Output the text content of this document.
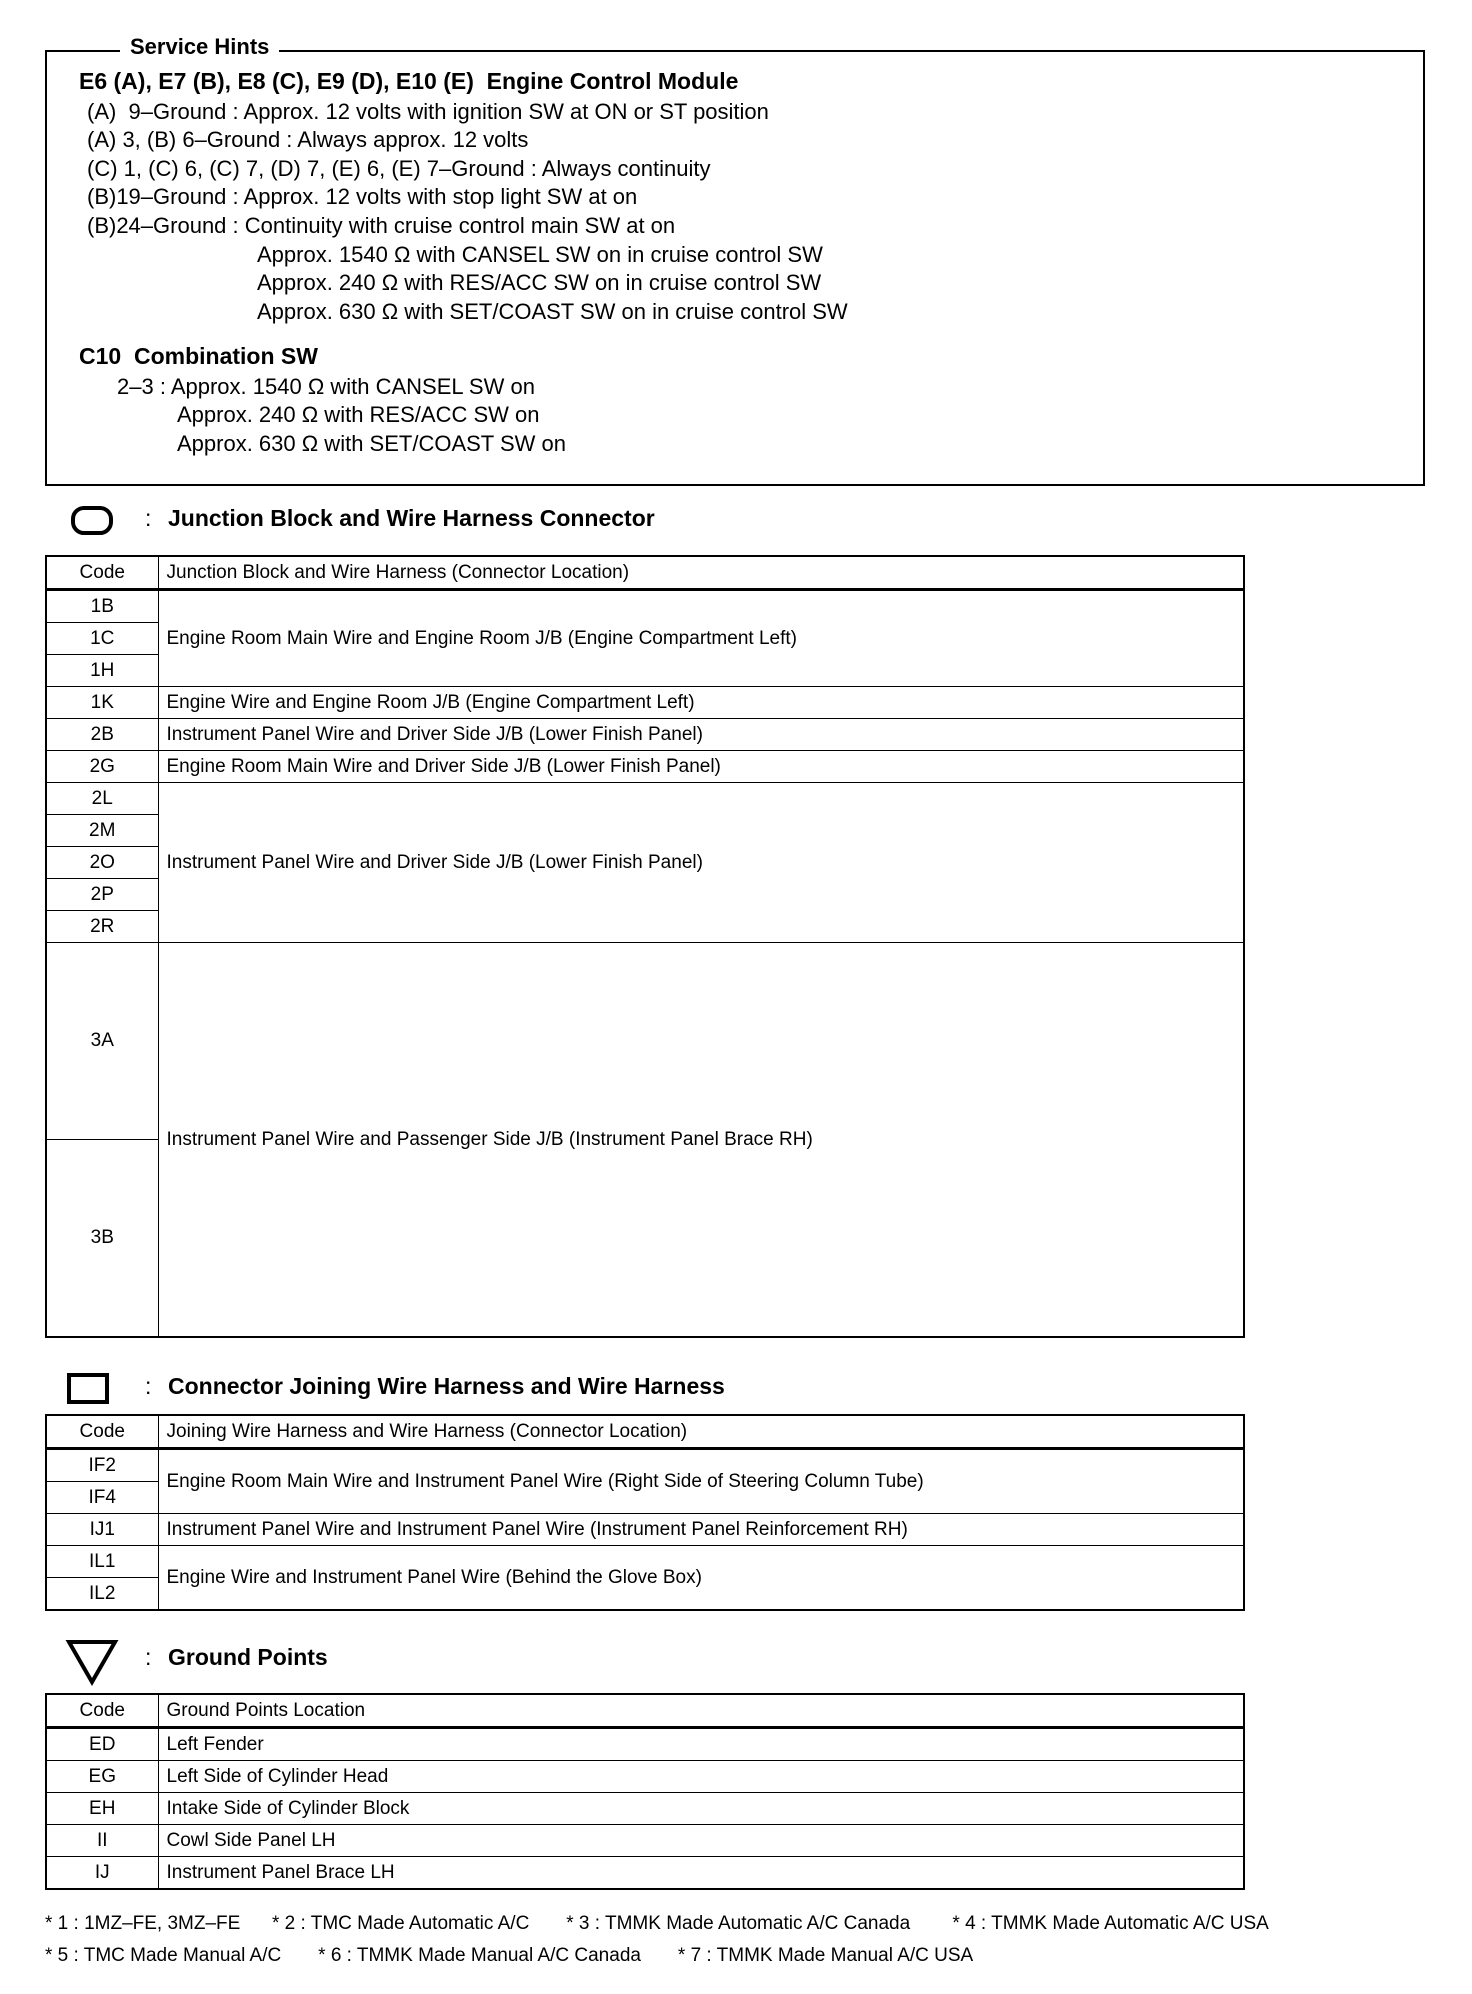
E6 (A), E7 (B), E8 (C), E9 (D), E10 (E)  Engine Control Module
(A)  9–Ground : Approx. 12 volts with ignition SW at ON or ST position
(A) 3, (B) 6–Ground : Always approx. 12 volts
(C) 1, (C) 6, (C) 7, (D) 7, (E) 6, (E) 7–Ground : Always continuity
(B)19–Ground : Approx. 12 volts with stop light SW at on
(B)24–Ground : Continuity with cruise control main SW at on
Approx. 1540 Ω with CANSEL SW on in cruise control SW
Approx. 240 Ω with RES/ACC SW on in cruise control SW
Approx. 630 Ω with SET/COAST SW on in cruise control SW
C10  Combination SW
2–3 : Approx. 1540 Ω with CANSEL SW on
Approx. 240 Ω with RES/ACC SW on
Approx. 630 Ω with SET/COAST SW on
Service Hints
: Junction Block and Wire Harness Connector
Code	Junction Block and Wire Harness (Connector Location)
1B	Engine Room Main Wire and Engine Room J/B (Engine Compartment Left)
1C	
1H	
1K	Engine Wire and Engine Room J/B (Engine Compartment Left)
2B	Instrument Panel Wire and Driver Side J/B (Lower Finish Panel)
2G	Engine Room Main Wire and Driver Side J/B (Lower Finish Panel)
2L	Instrument Panel Wire and Driver Side J/B (Lower Finish Panel)
2M	
2O	
2P	
2R	
3A	Instrument Panel Wire and Passenger Side J/B (Instrument Panel Brace RH)
3B	
: Connector Joining Wire Harness and Wire Harness
Code	Joining Wire Harness and Wire Harness (Connector Location)
IF2	Engine Room Main Wire and Instrument Panel Wire (Right Side of Steering Column Tube)
IF4	
IJ1	Instrument Panel Wire and Instrument Panel Wire (Instrument Panel Reinforcement RH)
IL1	Engine Wire and Instrument Panel Wire (Behind the Glove Box)
IL2	
: Ground Points
Code	Ground Points Location
ED	Left Fender
EG	Left Side of Cylinder Head
EH	Intake Side of Cylinder Block
II	Cowl Side Panel LH
IJ	Instrument Panel Brace LH
* 1 : 1MZ–FE, 3MZ–FE      * 2 : TMC Made Automatic A/C       * 3 : TMMK Made Automatic A/C Canada        * 4 : TMMK Made Automatic A/C USA
* 5 : TMC Made Manual A/C       * 6 : TMMK Made Manual A/C Canada       * 7 : TMMK Made Manual A/C USA
